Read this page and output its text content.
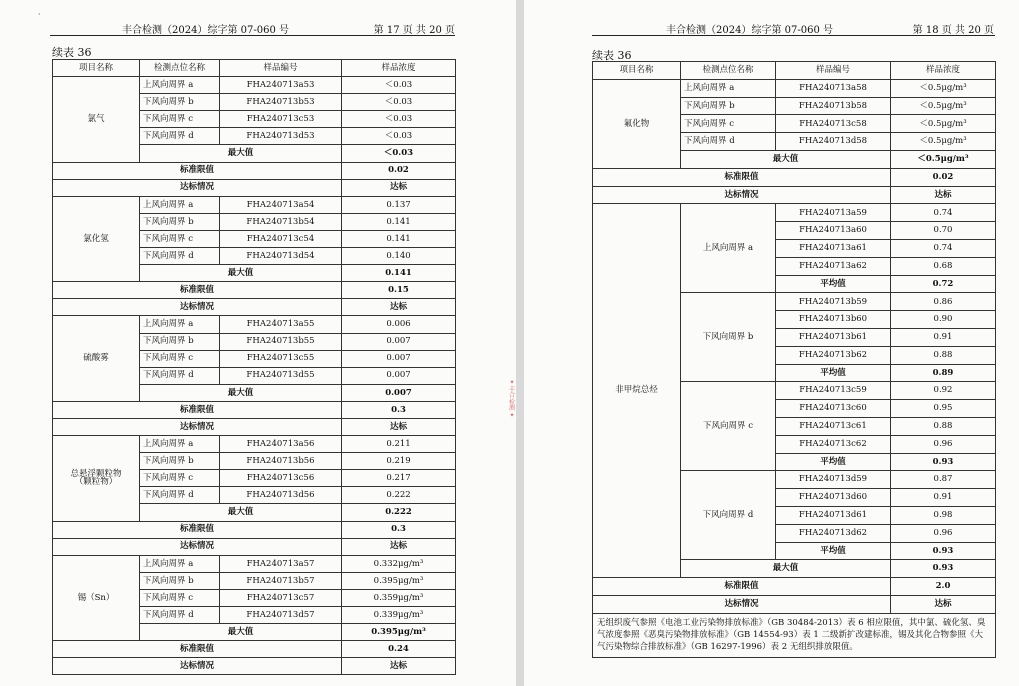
·
丰合检测（2024）综字第 07-060 号	第 17 页 共 20 页
续表 36
项目名称	检测点位名称	样品编号	样品浓度

氯气	上风向周界 a	FHA240713a53	＜0.03
	下风向周界 b	FHA240713b53	＜0.03
	下风向周界 c	FHA240713c53	＜0.03
	下风向周界 d	FHA240713d53	＜0.03
	最大值		＜0.03
标准限值			0.02
达标情况			达标

氯化氢	上风向周界 a	FHA240713a54	0.137
	下风向周界 b	FHA240713b54	0.141
	下风向周界 c	FHA240713c54	0.141
	下风向周界 d	FHA240713d54	0.140
	最大值		0.141
标准限值			0.15
达标情况			达标

硫酸雾	上风向周界 a	FHA240713a55	0.006
	下风向周界 b	FHA240713b55	0.007
	下风向周界 c	FHA240713c55	0.007
	下风向周界 d	FHA240713d55	0.007
	最大值		0.007
标准限值			0.3
达标情况			达标

总悬浮颗粒物
（颗粒物）	上风向周界 a	FHA240713a56	0.211
	下风向周界 b	FHA240713b56	0.219
	下风向周界 c	FHA240713c56	0.217
	下风向周界 d	FHA240713d56	0.222
	最大值		0.222
标准限值			0.3
达标情况			达标

锡（Sn）	上风向周界 a	FHA240713a57	0.332μg/m³
	下风向周界 b	FHA240713b57	0.395μg/m³
	下风向周界 c	FHA240713c57	0.359μg/m³
	下风向周界 d	FHA240713d57	0.339μg/m³
	最大值		0.395μg/m³
标准限值			0.24
达标情况			达标
✦
丰
合
检
测
✦
丰合检测（2024）综字第 07-060 号	第 18 页 共 20 页
续表 36
项目名称	检测点位名称	样品编号	样品浓度

氟化物	上风向周界 a	FHA240713a58	＜0.5μg/m³
	下风向周界 b	FHA240713b58	＜0.5μg/m³
	下风向周界 c	FHA240713c58	＜0.5μg/m³
	下风向周界 d	FHA240713d58	＜0.5μg/m³
	最大值		＜0.5μg/m³
标准限值			0.02
达标情况			达标
非甲烷总烃	上风向周界 a	FHA240713a59	0.74
		FHA240713a60	0.70
		FHA240713a61	0.74
		FHA240713a62	0.68
		平均值	0.72
	下风向周界 b	FHA240713b59	0.86
		FHA240713b60	0.90
		FHA240713b61	0.91
		FHA240713b62	0.88
		平均值	0.89
	下风向周界 c	FHA240713c59	0.92
		FHA240713c60	0.95
		FHA240713c61	0.88
		FHA240713c62	0.96
		平均值	0.93
	下风向周界 d	FHA240713d59	0.87
		FHA240713d60	0.91
		FHA240713d61	0.98
		FHA240713d62	0.96
		平均值	0.93
	最大值		0.93
标准限值			2.0
达标情况			达标
无组织废气参照《电池工业污染物排放标准》（GB 30484-2013）表 6 相应限值，其中氯、硫化氢、臭气浓度参照《恶臭污染物排放标准》（GB 14554-93）表 1 二级新扩改建标准，锡及其化合物参照《大气污染物综合排放标准》（GB 16297-1996）表 2 无组织排放限值。			
